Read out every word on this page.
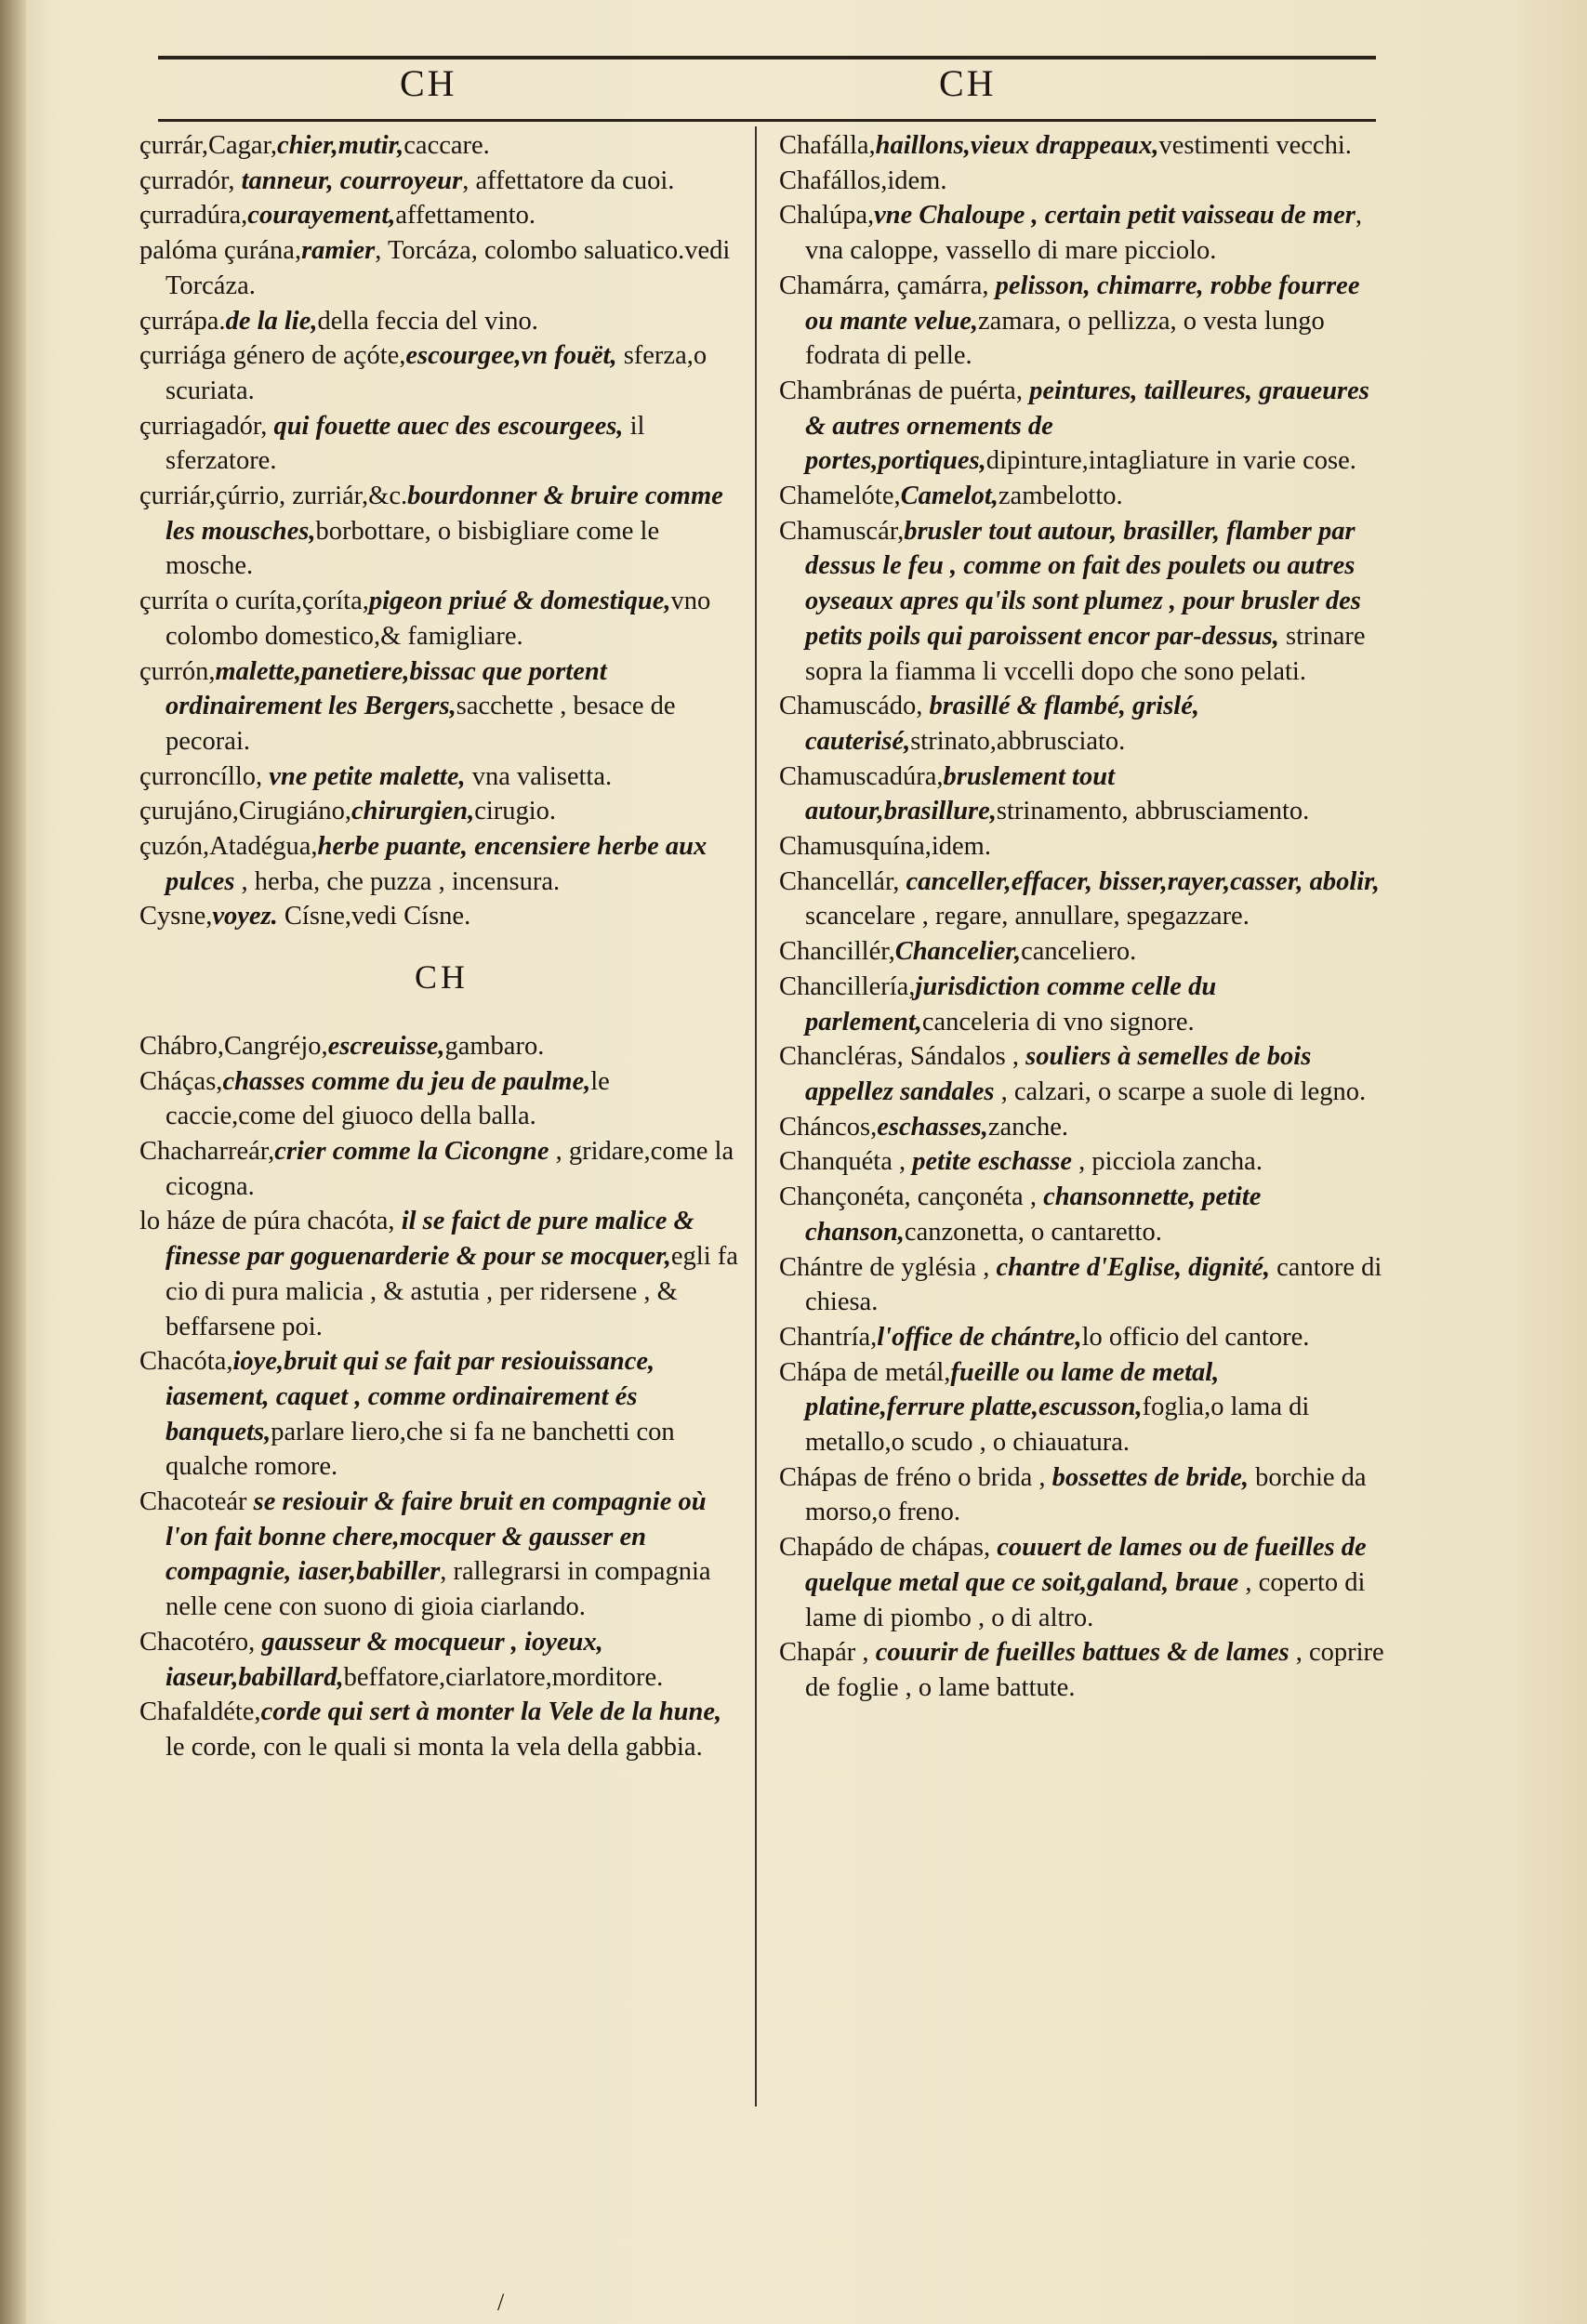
CH	CH

çurrár,Cagar,chier,mutir,caccare.

çurradór, tanneur, courroyeur, affettatore da cuoi.

çurradúra,courayement,affettamento.

palóma çurána,ramier, Torcáza, colombo saluatico.vedi Torcáza.

çurrápa.de la lie,della feccia del vino.

çurriága género de açóte,escourgee,vn fouët, sferza,o scuriata.

çurriagadór, qui fouette auec des escourgees, il sferzatore.

çurriár,çúrrio, zurriár,&c.bourdonner & bruire comme les mousches,borbottare, o bisbigliare come le mosche.

çurríta o curíta,çoríta,pigeon priué & domestique,vno colombo domestico,& famigliare.

çurrón,malette,panetiere,bissac que portent ordinairement les Bergers,sacchette , besace de pecorai.

çurroncíllo, vne petite malette, vna valisetta.

çurujáno,Cirugiáno,chirurgien,cirugio.

çuzón,Atadégua,herbe puante, encensiere herbe aux pulces , herba, che puzza , incensura.

Cysne,voyez. Císne,vedi Císne.

CH

Chábro,Cangréjo,escreuisse,gambaro.

Cháças,chasses comme du jeu de paulme,le caccie,come del giuoco della balla.

Chacharreár,crier comme la Cicongne , gridare,come la cicogna.

lo háze de púra chacóta, il se faict de pure malice & finesse par goguenarderie & pour se mocquer,egli fa cio di pura malicia , & astutia , per ridersene , & beffarsene poi.

Chacóta,ioye,bruit qui se fait par resiouissance, iasement, caquet , comme ordinairement és banquets,parlare liero,che si fa ne banchetti con qualche romore.

Chacoteár se resiouir & faire bruit en compagnie où l'on fait bonne chere,mocquer & gausser en compagnie, iaser,babiller, rallegrarsi in compagnia nelle cene con suono di gioia ciarlando.

Chacotéro, gausseur & mocqueur , ioyeux, iaseur,babillard,beffatore,ciarlatore,morditore.

Chafaldéte,corde qui sert à monter la Vele de la hune, le corde, con le quali si monta la vela della gabbia.

Chafálla,haillons,vieux drappeaux,vestimenti vecchi.

Chafállos,idem.

Chalúpa,vne Chaloupe , certain petit vaisseau de mer, vna caloppe, vassello di mare picciolo.

Chamárra, çamárra, pelisson, chimarre, robbe fourree ou mante velue,zamara, o pellizza, o vesta lungo fodrata di pelle.

Chambránas de puérta, peintures, tailleures, graueures & autres ornements de portes,portiques,dipinture,intagliature in varie cose.

Chamelóte,Camelot,zambelotto.

Chamuscár,brusler tout autour, brasiller, flamber par dessus le feu , comme on fait des poulets ou autres oyseaux apres qu'ils sont plumez , pour brusler des petits poils qui paroissent encor par-dessus, strinare sopra la fiamma li vccelli dopo che sono pelati.

Chamuscádo, brasillé & flambé, grislé, cauterisé,strinato,abbrusciato.

Chamuscadúra,bruslement tout autour,brasillure,strinamento, abbrusciamento.

Chamusquína,idem.

Chancellár, canceller,effacer, bisser,rayer,casser, abolir, scancelare , regare, annullare, spegazzare.

Chancillér,Chancelier,canceliero.

Chancillería,jurisdiction comme celle du parlement,canceleria di vno signore.

Chancléras, Sándalos , souliers à semelles de bois appellez sandales , calzari, o scarpe a suole di legno.

Cháncos,eschasses,zanche.

Chanquéta , petite eschasse , picciola zancha.

Chançonéta, cançonéta , chansonnette, petite chanson,canzonetta, o cantaretto.

Chántre de yglésia , chantre d'Eglise, dignité, cantore di chiesa.

Chantría,l'office de chántre,lo officio del cantore.

Chápa de metál,fueille ou lame de metal, platine,ferrure platte,escusson,foglia,o lama di metallo,o scudo , o chiauatura.

Chápas de fréno o brida , bossettes de bride, borchie da morso,o freno.

Chapádo de chápas, couuert de lames ou de fueilles de quelque metal que ce soit,galand, braue , coperto di lame di piombo , o di altro.

Chapár , couurir de fueilles battues & de lames , coprire de foglie , o lame battute.

/
